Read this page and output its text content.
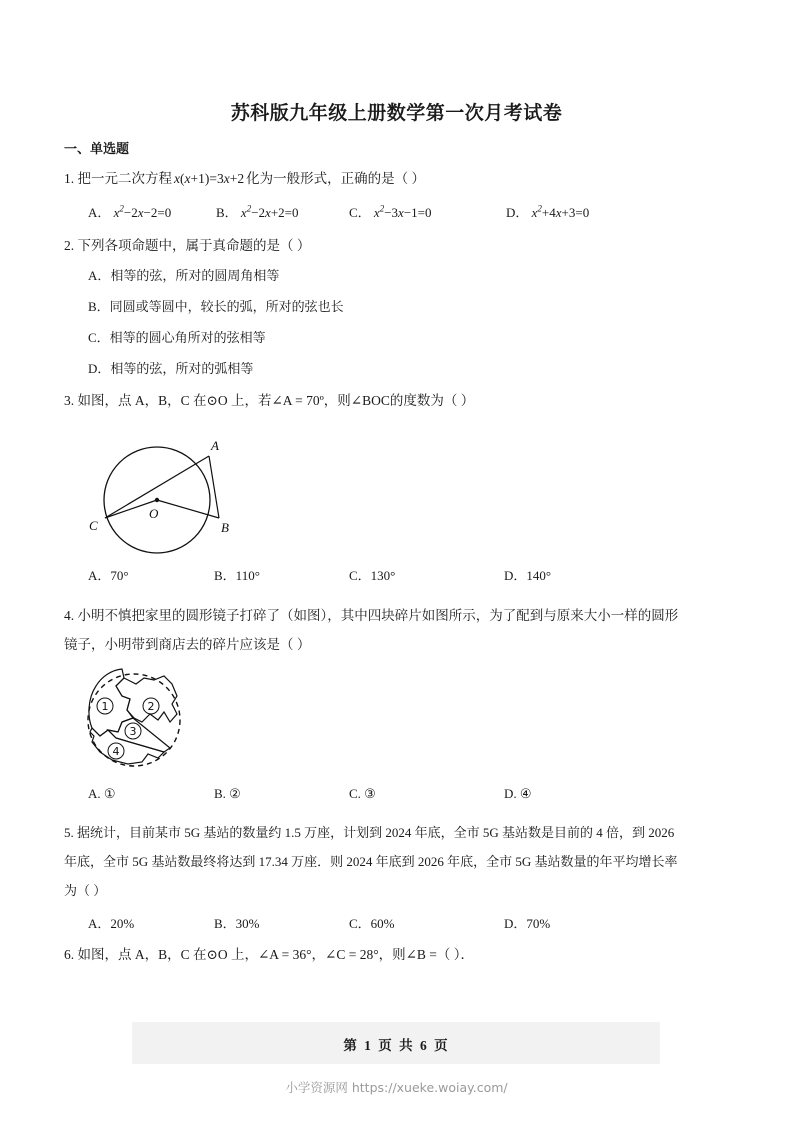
苏科版九年级上册数学第一次月考试卷
一、单选题
1. 把一元二次方程 x(x+1)=3x+2 化为一般形式，正确的是（ ）
A． $x^2-2x-2=0$	B． $x^2-2x+2=0$	C． $x^2-3x-1=0$	D． $x^2+4x+3=0$
2. 下列各项命题中，属于真命题的是（ ）
A．相等的弦，所对的圆周角相等
B．同圆或等圆中，较长的弧，所对的弦也长
C．相等的圆心角所对的弦相等
D．相等的弦，所对的弧相等
3. 如图，点 A，B，C 在⊙O 上，若∠A = 70º，则∠BOC的度数为（ ）
A
B
C
O
A．70°	B．110°	C．130°	D．140°
4. 小明不慎把家里的圆形镜子打碎了（如图），其中四块碎片如图所示，为了配到与原来大小一样的圆形
镜子，小明带到商店去的碎片应该是（ ）
1	2
3
4
A. ①	B. ②	C. ③	D. ④
5. 据统计，目前某市 5G 基站的数量约 1.5 万座，计划到 2024 年底，全市 5G 基站数是目前的 4 倍，到 2026
年底，全市 5G 基站数最终将达到 17.34 万座．则 2024 年底到 2026 年底，全市 5G 基站数量的年平均增长率
为（ ）
A．20%	B．30%	C．60%	D．70%
6. 如图，点 A，B，C 在⊙O 上，∠A = 36°，∠C = 28°，则∠B =（ ）．
第 1 页 共 6 页
小学资源网 https://xueke.woiay.com/
